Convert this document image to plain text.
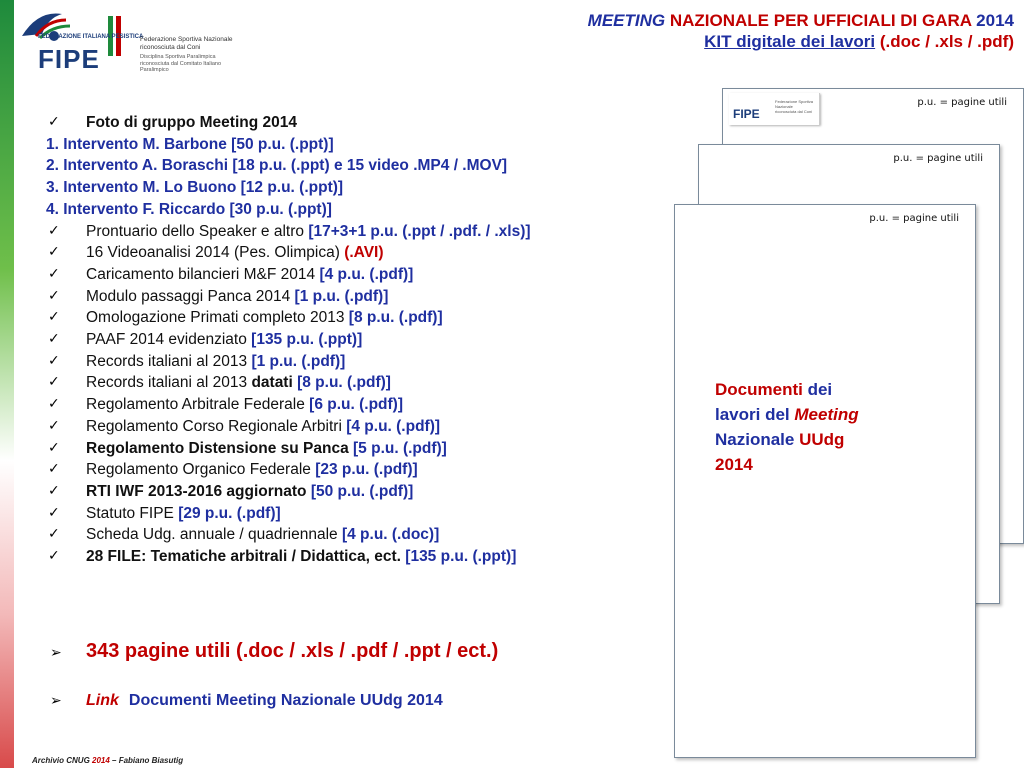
FEDERAZIONE ITALIANA PESISTICA
FIPE
Federazione Sportiva Nazionale riconosciuta dal Coni
Disciplina Sportiva Paralimpica riconosciuta dal Comitato Italiano Paralimpico
MEETING NAZIONALE PER UFFICIALI DI GARA 2014
KIT digitale dei lavori (.doc / .xls / .pdf)
FIPE
Federazione Sportiva Nazionale riconosciuta dal Coni
p.u. = pagine utili
p.u. = pagine utili
p.u. = pagine utili
Documenti dei
lavori del Meeting
Nazionale UUdg
2014
✓ Foto di gruppo Meeting 2014
1. Intervento M. Barbone [50 p.u. (.ppt)]
2. Intervento A. Boraschi [18 p.u. (.ppt) e 15 video .MP4 / .MOV]
3. Intervento M. Lo Buono [12 p.u. (.ppt)]
4. Intervento F. Riccardo [30 p.u. (.ppt)]
✓ Prontuario dello Speaker e altro [17+3+1 p.u. (.ppt / .pdf. / .xls)]
✓ 16 Videoanalisi 2014 (Pes. Olimpica) (.AVI)
✓ Caricamento bilancieri M&F 2014 [4 p.u. (.pdf)]
✓ Modulo passaggi Panca 2014 [1 p.u. (.pdf)]
✓ Omologazione Primati completo 2013 [8 p.u. (.pdf)]
✓ PAAF 2014 evidenziato [135 p.u. (.ppt)]
✓ Records italiani al 2013 [1 p.u. (.pdf)]
✓ Records italiani al 2013 datati [8 p.u. (.pdf)]
✓ Regolamento Arbitrale Federale [6 p.u. (.pdf)]
✓ Regolamento Corso Regionale Arbitri [4 p.u. (.pdf)]
✓ Regolamento Distensione su Panca [5 p.u. (.pdf)]
✓ Regolamento Organico Federale [23 p.u. (.pdf)]
✓ RTI IWF 2013-2016 aggiornato [50 p.u. (.pdf)]
✓ Statuto FIPE [29 p.u. (.pdf)]
✓ Scheda Udg. annuale / quadriennale [4 p.u. (.doc)]
✓ 28 FILE: Tematiche arbitrali / Didattica, ect. [135 p.u. (.ppt)]
➢ 343 pagine utili (.doc / .xls / .pdf / .ppt / ect.)
➢ Link Documenti Meeting Nazionale UUdg 2014
Archivio CNUG 2014 – Fabiano Biasutig
